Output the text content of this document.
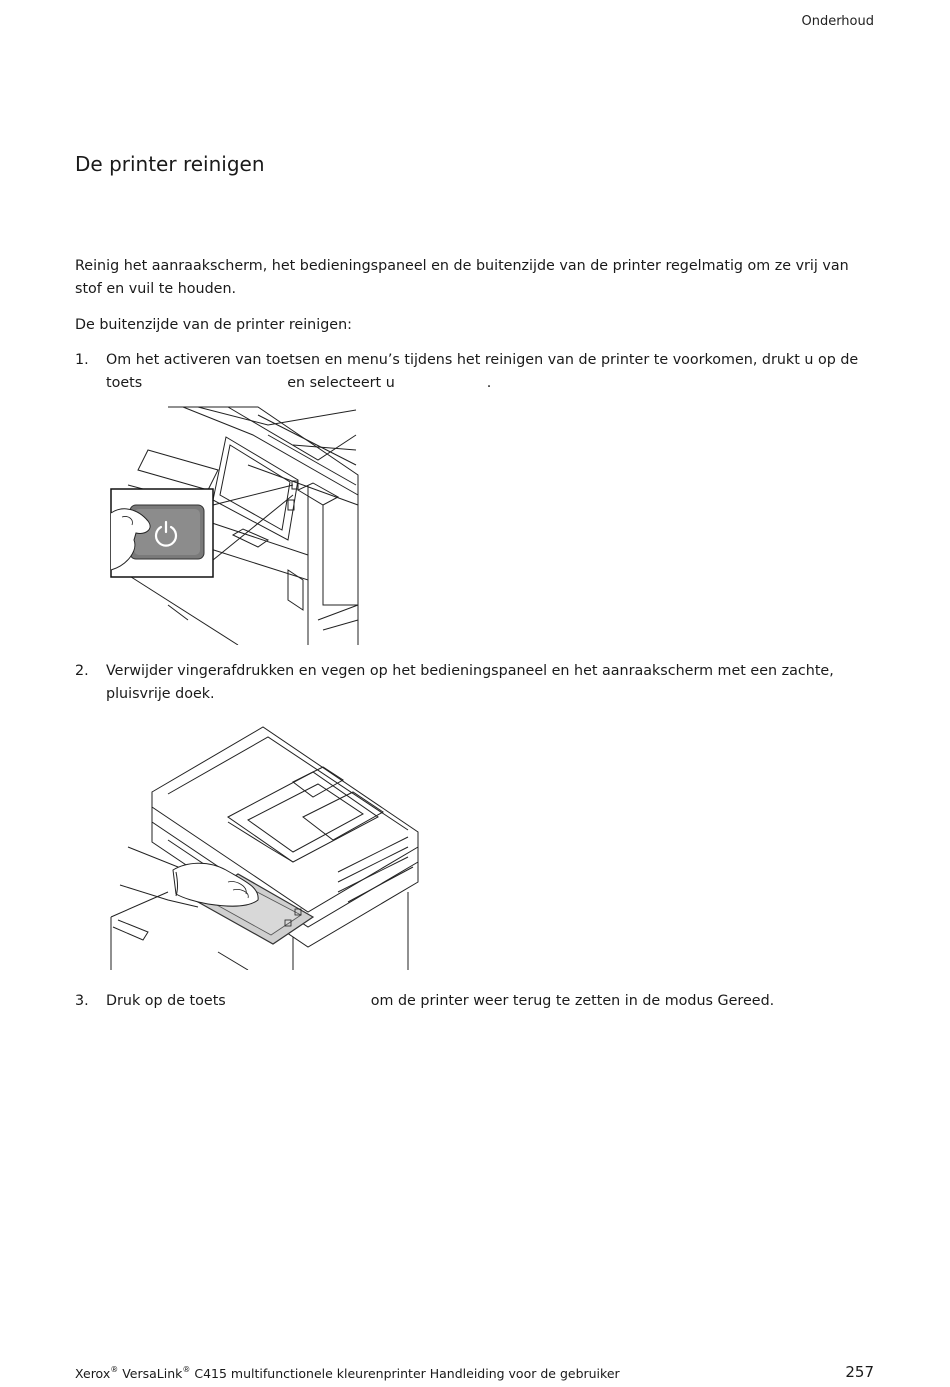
Onderhoud
De printer reinigen
Reinig het aanraakscherm, het bedieningspaneel en de buitenzijde van de printer regelmatig om ze vrij van stof en vuil te houden.
De buitenzijde van de printer reinigen:
1. Om het activeren van toetsen en menu’s tijdens het reinigen van de printer te voorkomen, drukt u op de toets	en selecteert u	.
2. Verwijder vingerafdrukken en vegen op het bedieningspaneel en het aanraakscherm met een zachte, pluisvrije doek.
3. Druk op de toets	om de printer weer terug te zetten in de modus Gereed.
Xerox® VersaLink® C415 multifunctionele kleurenprinter Handleiding voor de gebruiker	257
